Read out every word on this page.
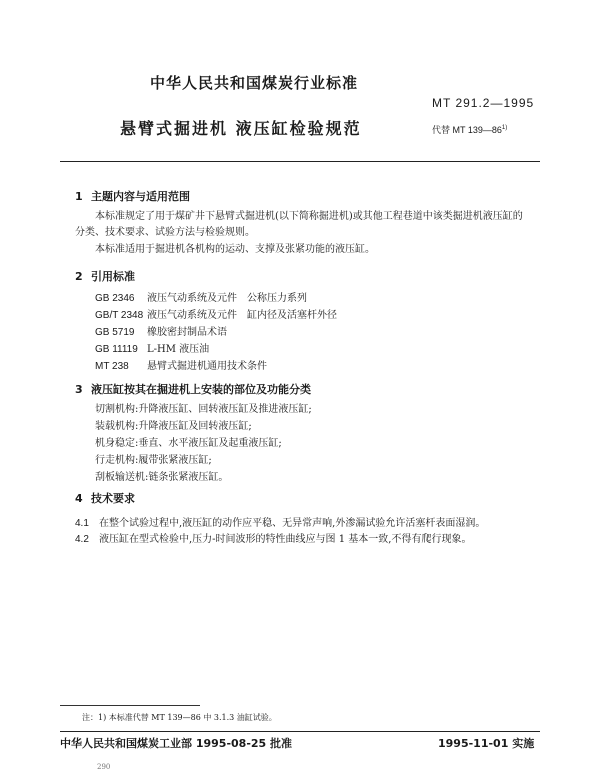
中华人民共和国煤炭行业标准
MT 291.2—1995
悬臂式掘进机 液压缸检验规范	代替 MT 139—86$^{1)}$
1 主题内容与适用范围
本标准规定了用于煤矿井下悬臂式掘进机(以下简称掘进机)或其他工程巷道中该类掘进机液压缸的分类、技术要求、试验方法与检验规则。
本标准适用于掘进机各机构的运动、支撑及张紧功能的液压缸。
2 引用标准
GB 2346 液压气动系统及元件　公称压力系列
GB/T 2348 液压气动系统及元件　缸内径及活塞杆外径
GB 5719 橡胶密封制品术语
GB 11119 L-HM 液压油
MT 238 悬臂式掘进机通用技术条件
3 液压缸按其在掘进机上安装的部位及功能分类
切割机构:升降液压缸、回转液压缸及推进液压缸;
装载机构:升降液压缸及回转液压缸;
机身稳定:垂直、水平液压缸及起重液压缸;
行走机构:履带张紧液压缸;
刮板输送机:链条张紧液压缸。
4 技术要求
4.1 在整个试验过程中,液压缸的动作应平稳、无异常声响,外渗漏试验允许活塞杆表面湿润。
4.2 液压缸在型式检验中,压力-时间波形的特性曲线应与图 1 基本一致,不得有爬行现象。
注：1) 本标准代替 MT 139—86 中 3.1.3 油缸试验。
中华人民共和国煤炭工业部 1995-08-25 批准	1995-11-01 实施
290
